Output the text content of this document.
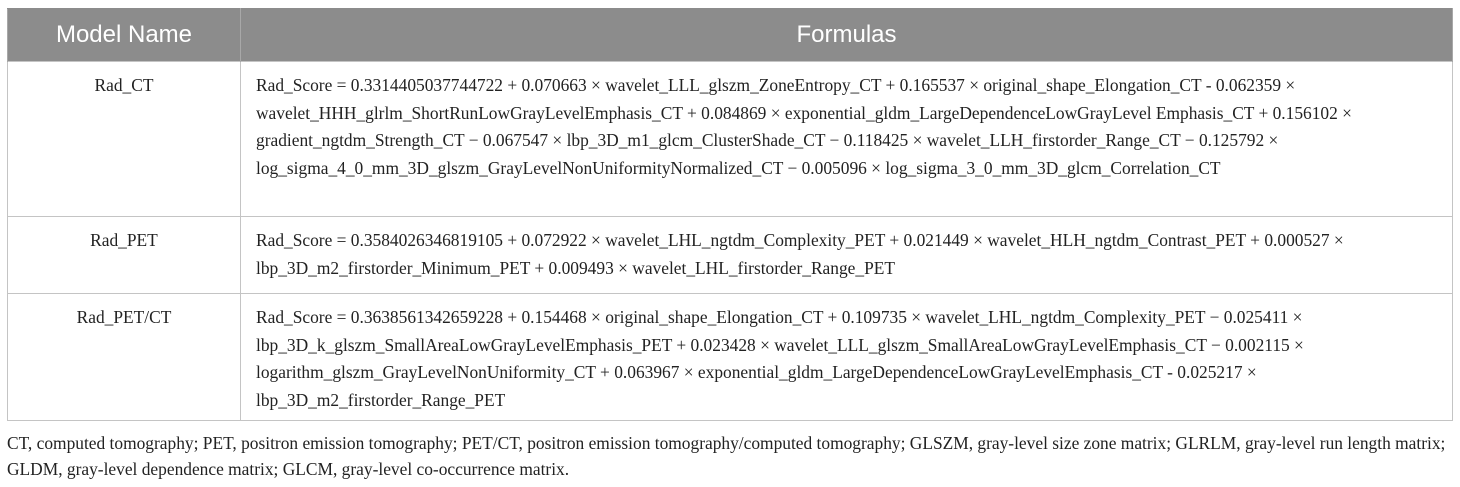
Model Name	Formulas
Rad_CT	Rad_Score = 0.3314405037744722 + 0.070663 × wavelet_LLL_glszm_ZoneEntropy_CT + 0.165537 × original_shape_Elongation_CT - 0.062359 × wavelet_HHH_glrlm_ShortRunLowGrayLevelEmphasis_CT + 0.084869 × exponential_gldm_LargeDependenceLowGrayLevel Emphasis_CT + 0.156102 × gradient_ngtdm_Strength_CT − 0.067547 × lbp_3D_m1_glcm_ClusterShade_CT − 0.118425 × wavelet_LLH_firstorder_Range_CT − 0.125792 × log_sigma_4_0_mm_3D_glszm_GrayLevelNonUniformityNormalized_CT − 0.005096 × log_sigma_3_0_mm_3D_glcm_Correlation_CT
Rad_PET	Rad_Score = 0.3584026346819105 + 0.072922 × wavelet_LHL_ngtdm_Complexity_PET + 0.021449 × wavelet_HLH_ngtdm_Contrast_PET + 0.000527 × lbp_3D_m2_firstorder_Minimum_PET + 0.009493 × wavelet_LHL_firstorder_Range_PET
Rad_PET/CT	Rad_Score = 0.3638561342659228 + 0.154468 × original_shape_Elongation_CT + 0.109735 × wavelet_LHL_ngtdm_Complexity_PET − 0.025411 × lbp_3D_k_glszm_SmallAreaLowGrayLevelEmphasis_PET + 0.023428 × wavelet_LLL_glszm_SmallAreaLowGrayLevelEmphasis_CT − 0.002115 × logarithm_glszm_GrayLevelNonUniformity_CT + 0.063967 × exponential_gldm_LargeDependenceLowGrayLevelEmphasis_CT - 0.025217 × lbp_3D_m2_firstorder_Range_PET
CT, computed tomography; PET, positron emission tomography; PET/CT, positron emission tomography/computed tomography; GLSZM, gray-level size zone matrix; GLRLM, gray-level run length matrix; GLDM, gray-level dependence matrix; GLCM, gray-level co-occurrence matrix.
